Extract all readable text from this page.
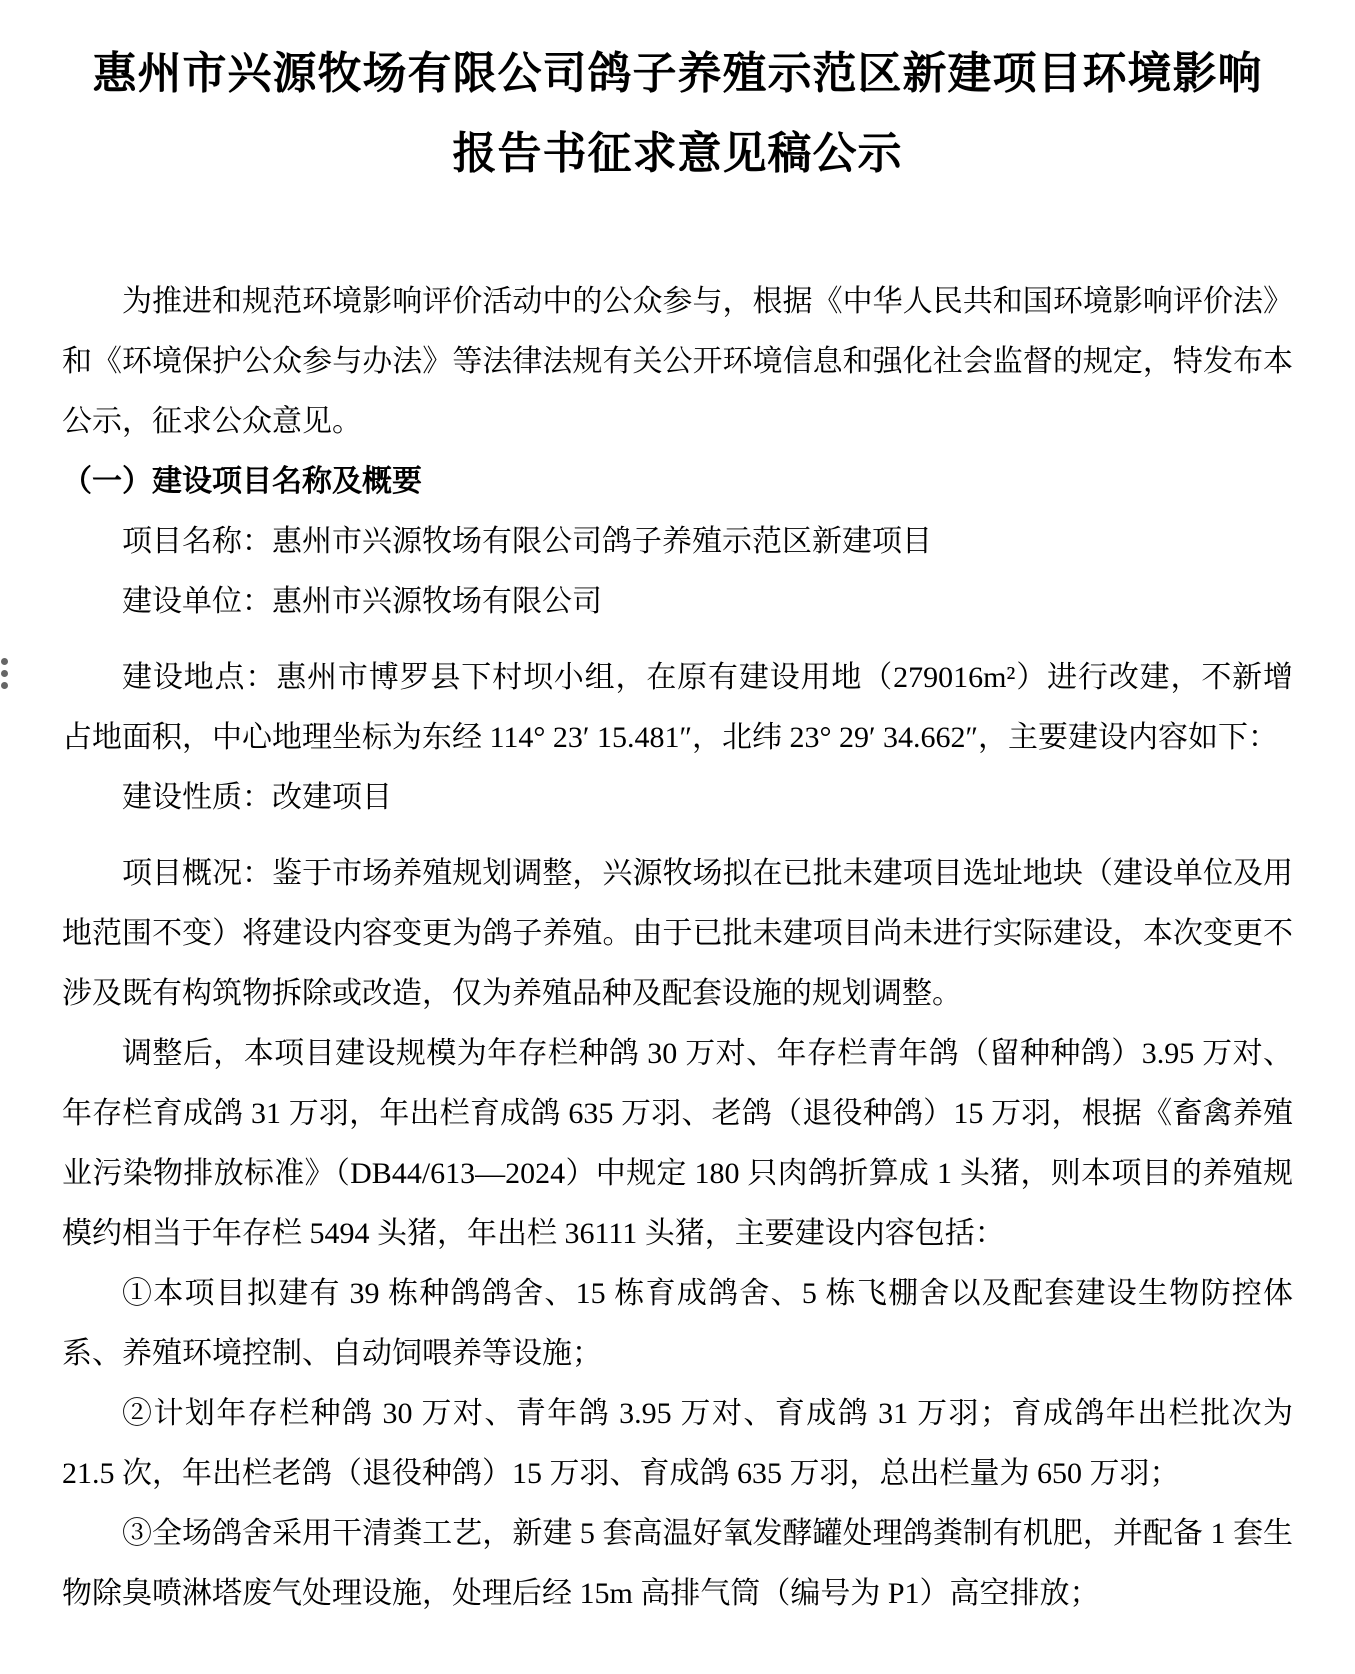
惠州市兴源牧场有限公司鸽子养殖示范区新建项目环境影响
报告书征求意见稿公示

为推进和规范环境影响评价活动中的公众参与，根据《中华人民共和国环境影响评价法》和《环境保护公众参与办法》等法律法规有关公开环境信息和强化社会监督的规定，特发布本公示，征求公众意见。

（一）建设项目名称及概要

项目名称：惠州市兴源牧场有限公司鸽子养殖示范区新建项目

建设单位：惠州市兴源牧场有限公司

建设地点：惠州市博罗县下村坝小组，在原有建设用地（279016m²）进行改建，不新增占地面积，中心地理坐标为东经 114° 23′ 15.481″，北纬 23° 29′ 34.662″，主要建设内容如下：

建设性质：改建项目

项目概况：鉴于市场养殖规划调整，兴源牧场拟在已批未建项目选址地块（建设单位及用地范围不变）将建设内容变更为鸽子养殖。由于已批未建项目尚未进行实际建设，本次变更不涉及既有构筑物拆除或改造，仅为养殖品种及配套设施的规划调整。

调整后，本项目建设规模为年存栏种鸽 30 万对、年存栏青年鸽（留种种鸽）3.95 万对、年存栏育成鸽 31 万羽，年出栏育成鸽 635 万羽、老鸽（退役种鸽）15 万羽，根据《畜禽养殖业污染物排放标准》（DB44/613—2024）中规定 180 只肉鸽折算成 1 头猪，则本项目的养殖规模约相当于年存栏 5494 头猪，年出栏 36111 头猪，主要建设内容包括：

①本项目拟建有 39 栋种鸽鸽舍、15 栋育成鸽舍、5 栋飞棚舍以及配套建设生物防控体系、养殖环境控制、自动饲喂养等设施；

②计划年存栏种鸽 30 万对、青年鸽 3.95 万对、育成鸽 31 万羽；育成鸽年出栏批次为 21.5 次，年出栏老鸽（退役种鸽）15 万羽、育成鸽 635 万羽，总出栏量为 650 万羽；

③全场鸽舍采用干清粪工艺，新建 5 套高温好氧发酵罐处理鸽粪制有机肥，并配备 1 套生物除臭喷淋塔废气处理设施，处理后经 15m 高排气筒（编号为 P1）高空排放；
